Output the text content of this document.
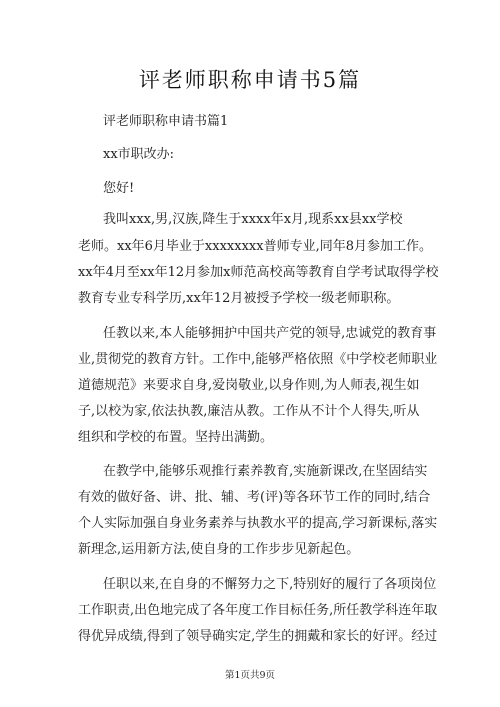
评老师职称申请书5篇
评老师职称申请书篇1
xx市职改办:
您好!
我叫xxx,男,汉族,降生于xxxx年x月,现系xx县xx学校
老师。xx年6月毕业于xxxxxxxx普师专业,同年8月参加工作。
xx年4月至xx年12月参加x师范高校高等教育自学考试取得学校
教育专业专科学历,xx年12月被授予学校一级老师职称。
任教以来,本人能够拥护中国共产党的领导,忠诚党的教育事
业,贯彻党的教育方针。工作中,能够严格依照《中学校老师职业
道德规范》来要求自身,爱岗敬业,以身作则,为人师表,视生如
子,以校为家,依法执教,廉洁从教。工作从不计个人得失,听从
组织和学校的布置。坚持出满勤。
在教学中,能够乐观推行素养教育,实施新课改,在坚固结实
有效的做好备、讲、批、辅、考(评)等各环节工作的同时,结合
个人实际加强自身业务素养与执教水平的提高,学习新课标,落实
新理念,运用新方法,使自身的工作步步见新起色。
任职以来,在自身的不懈努力之下,特别好的履行了各项岗位
工作职责,出色地完成了各年度工作目标任务,所任教学科连年取
得优异成绩,得到了领导确实定,学生的拥戴和家长的好评。经过
第1页共9页
